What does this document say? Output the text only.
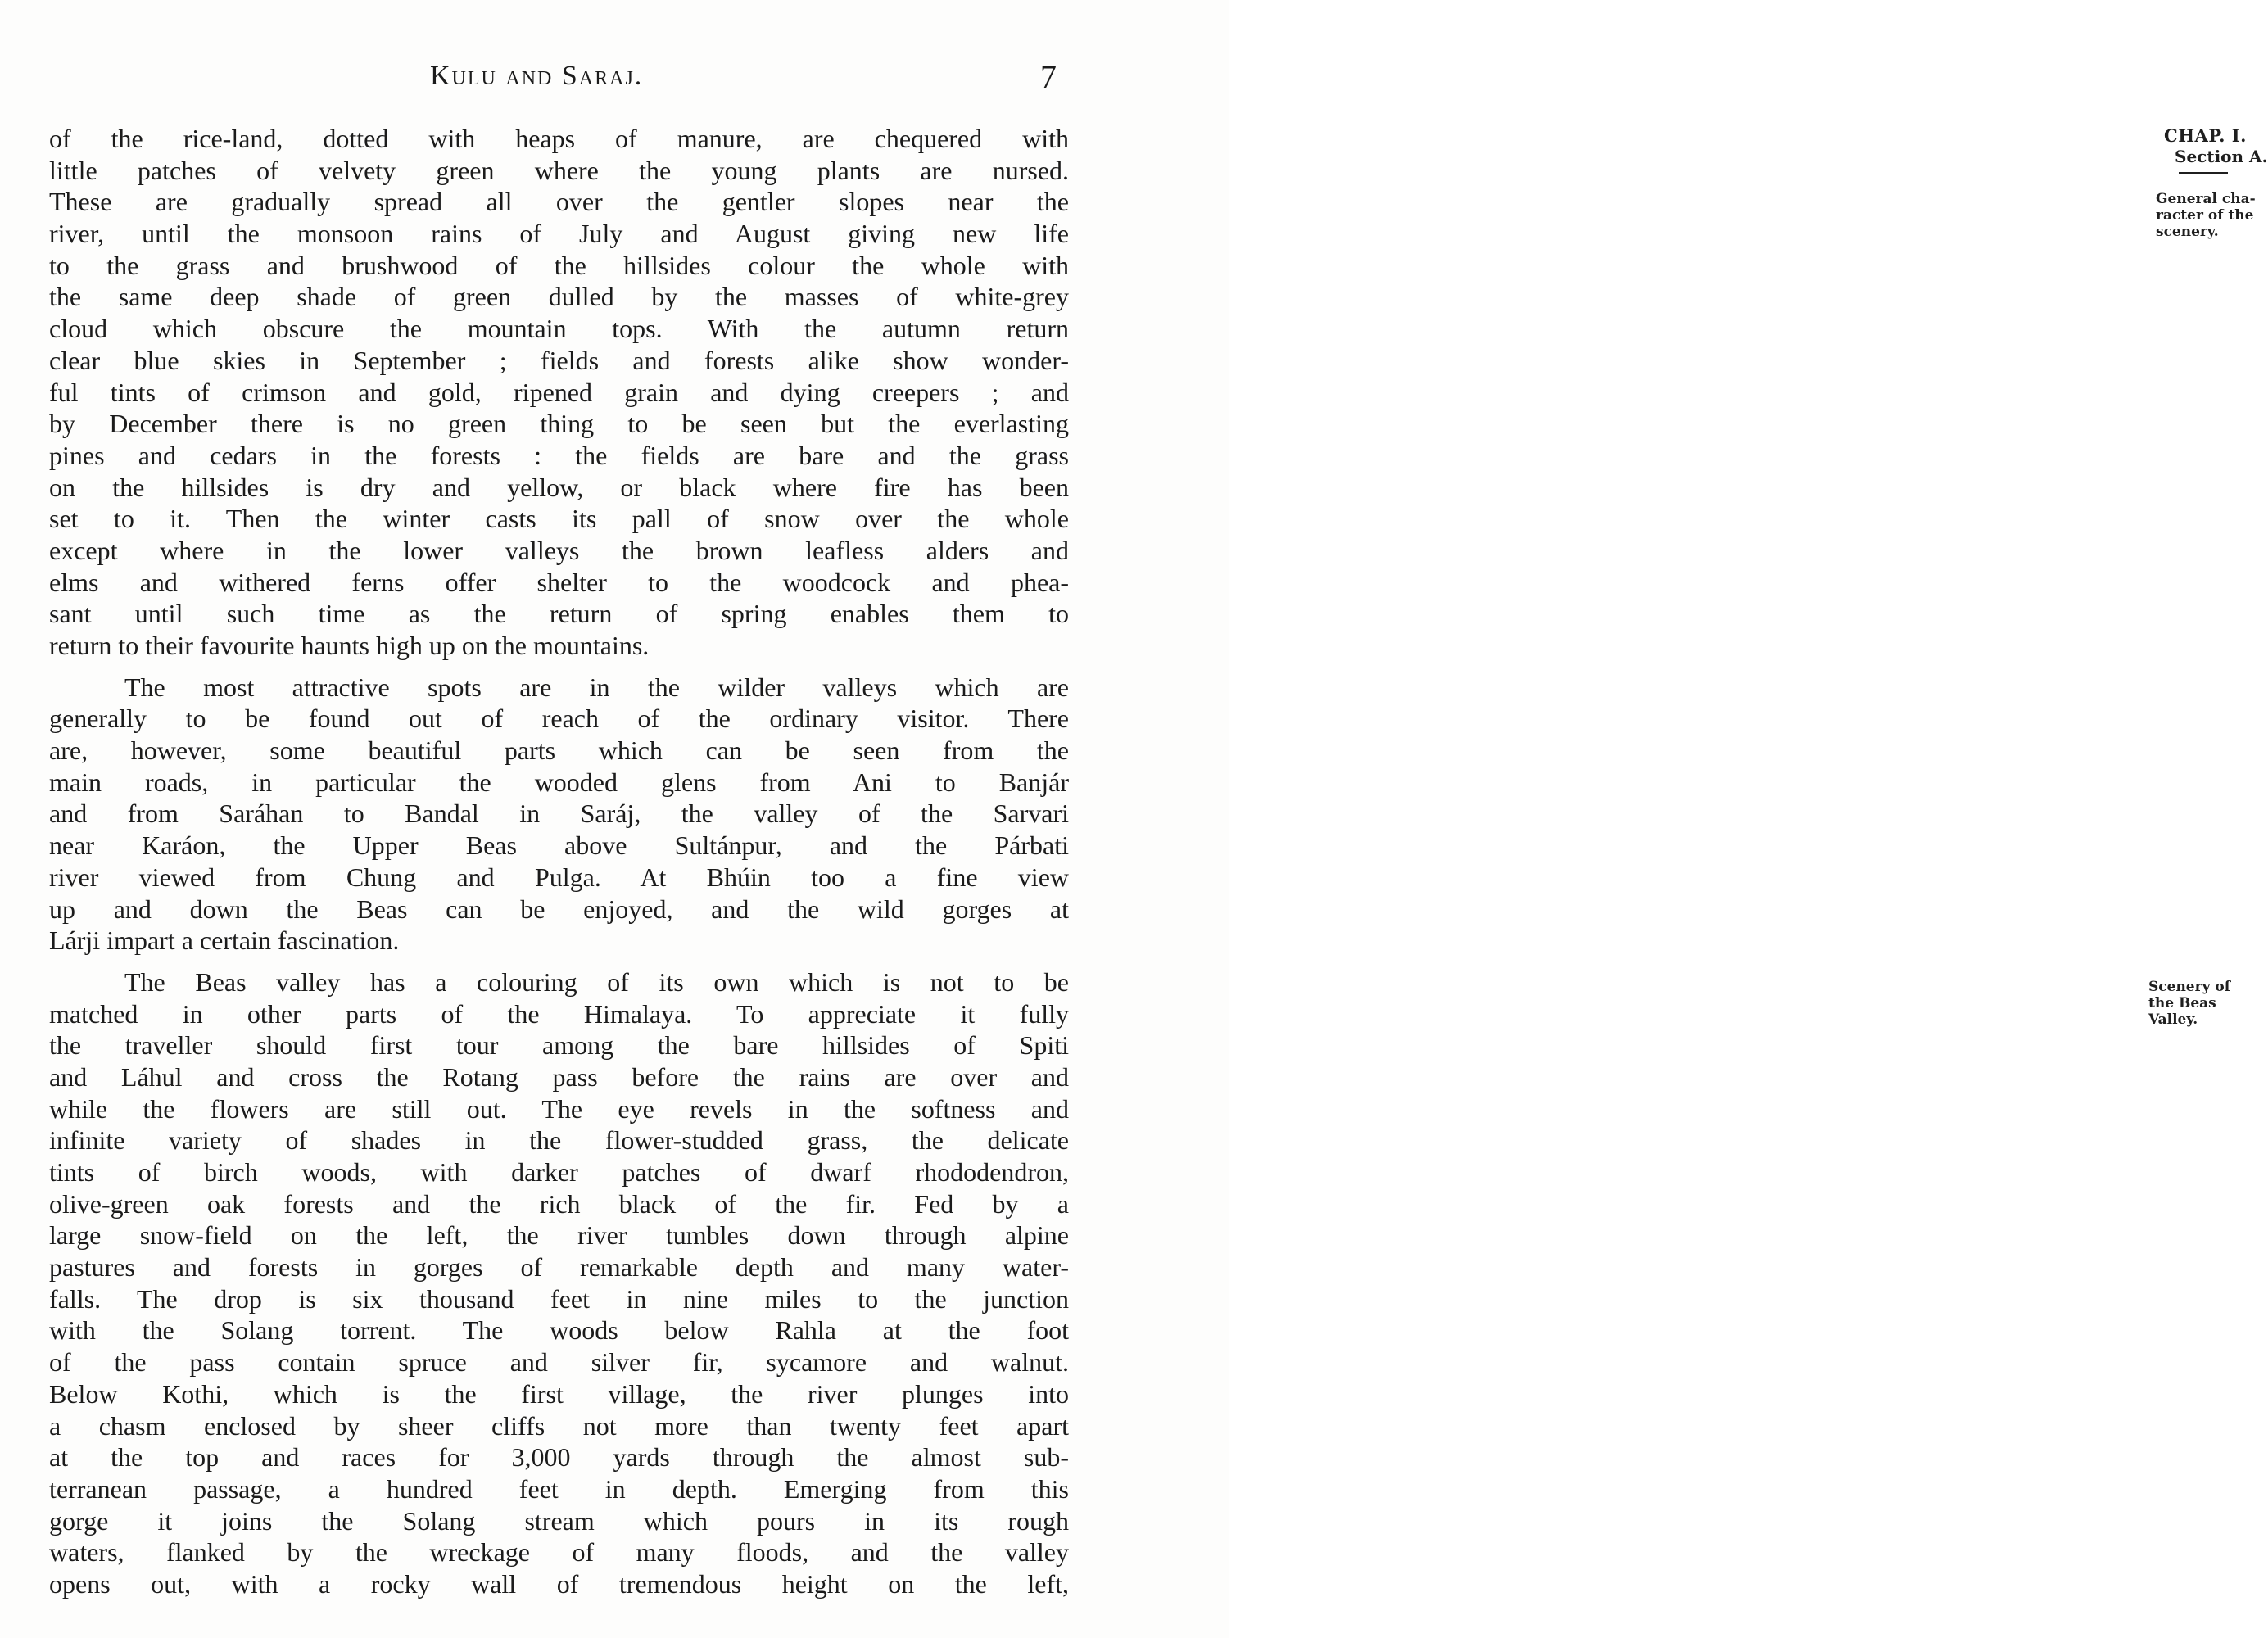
Kulu and Saraj.	7
CHAP. I.
Section A.
General cha-
racter of the
scenery.
Scenery of
the Beas
Valley.
of the rice-land, dotted with heaps of manure, are chequered with
little patches of velvety green where the young plants are nursed.
These are gradually spread all over the gentler slopes near the
river, until the monsoon rains of July and August giving new life
to the grass and brushwood of the hillsides colour the whole with
the same deep shade of green dulled by the masses of white-grey
cloud which obscure the mountain tops. With the autumn return
clear blue skies in September ; fields and forests alike show wonder-
ful tints of crimson and gold, ripened grain and dying creepers ; and
by December there is no green thing to be seen but the everlasting
pines and cedars in the forests : the fields are bare and the grass
on the hillsides is dry and yellow, or black where fire has been
set to it. Then the winter casts its pall of snow over the whole
except where in the lower valleys the brown leafless alders and
elms and withered ferns offer shelter to the woodcock and phea-
sant until such time as the return of spring enables them to
return to their favourite haunts high up on the mountains.
The most attractive spots are in the wilder valleys which are
generally to be found out of reach of the ordinary visitor. There
are, however, some beautiful parts which can be seen from the
main roads, in particular the wooded glens from Ani to Banjár
and from Saráhan to Bandal in Saráj, the valley of the Sarvari
near Karáon, the Upper Beas above Sultánpur, and the Párbati
river viewed from Chung and Pulga. At Bhúin too a fine view
up and down the Beas can be enjoyed, and the wild gorges at
Lárji impart a certain fascination.
The Beas valley has a colouring of its own which is not to be
matched in other parts of the Himalaya. To appreciate it fully
the traveller should first tour among the bare hillsides of Spiti
and Láhul and cross the Rotang pass before the rains are over and
while the flowers are still out. The eye revels in the softness and
infinite variety of shades in the flower-studded grass, the delicate
tints of birch woods, with darker patches of dwarf rhododendron,
olive-green oak forests and the rich black of the fir. Fed by a
large snow-field on the left, the river tumbles down through alpine
pastures and forests in gorges of remarkable depth and many water-
falls. The drop is six thousand feet in nine miles to the junction
with the Solang torrent. The woods below Rahla at the foot
of the pass contain spruce and silver fir, sycamore and walnut.
Below Kothi, which is the first village, the river plunges into
a chasm enclosed by sheer cliffs not more than twenty feet apart
at the top and races for 3,000 yards through the almost sub-
terranean passage, a hundred feet in depth. Emerging from this
gorge it joins the Solang stream which pours in its rough
waters, flanked by the wreckage of many floods, and the valley
opens out, with a rocky wall of tremendous height on the left,
